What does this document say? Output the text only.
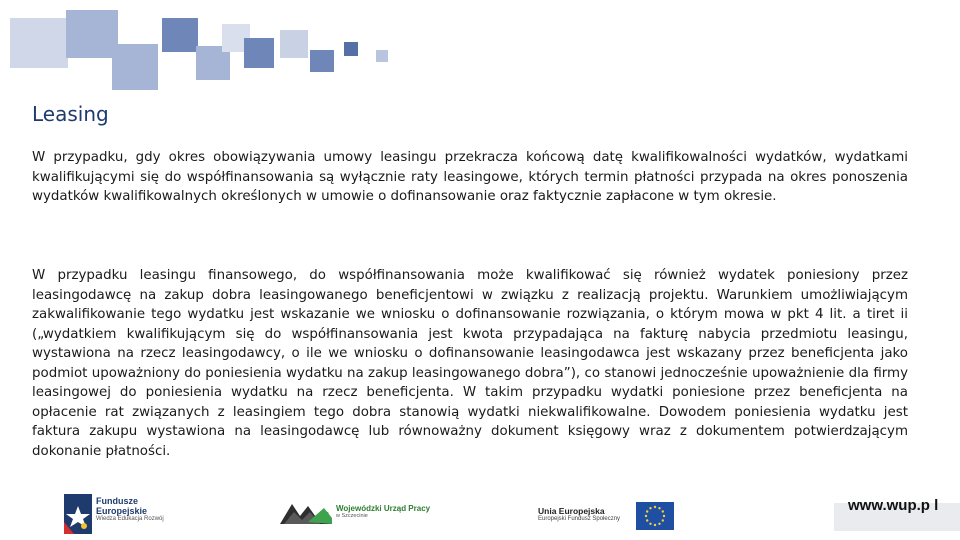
Leasing

W przypadku, gdy okres obowiązywania umowy leasingu przekracza końcową datę kwalifikowalności wydatków, wydatkami kwalifikującymi się do współfinansowania są wyłącznie raty leasingowe, których termin płatności przypada na okres ponoszenia wydatków kwalifikowalnych określonych w umowie o dofinansowanie oraz faktycznie zapłacone w tym okresie.

W przypadku leasingu finansowego, do współfinansowania może kwalifikować się również wydatek poniesiony przez leasingodawcę na zakup dobra leasingowanego beneficjentowi w związku z realizacją projektu. Warunkiem umożliwiającym zakwalifikowanie tego wydatku jest wskazanie we wniosku o dofinansowanie rozwiązania, o którym mowa w pkt 4 lit. a tiret ii („wydatkiem kwalifikującym się do współfinansowania jest kwota przypadająca na fakturę nabycia przedmiotu leasingu, wystawiona na rzecz leasingodawcy, o ile we wniosku o dofinansowanie leasingodawca jest wskazany przez beneficjenta jako podmiot upoważniony do poniesienia wydatku na zakup leasingowanego dobra”), co stanowi jednocześnie upoważnienie dla firmy leasingowej do poniesienia wydatku na rzecz beneficjenta. W takim przypadku wydatki poniesione przez beneficjenta na opłacenie rat związanych z leasingiem tego dobra stanowią wydatki niekwalifikowalne. Dowodem poniesienia wydatku jest faktura zakupu wystawiona na leasingodawcę lub równoważny dokument księgowy wraz z dokumentem potwierdzającym dokonanie płatności.

Fundusze
Europejskie
Wiedza Edukacja Rozwój
Wojewódzki Urząd Pracy
w Szczecinie	Unia Europejska
Europejski Fundusz Społeczny
www.wup.p l
